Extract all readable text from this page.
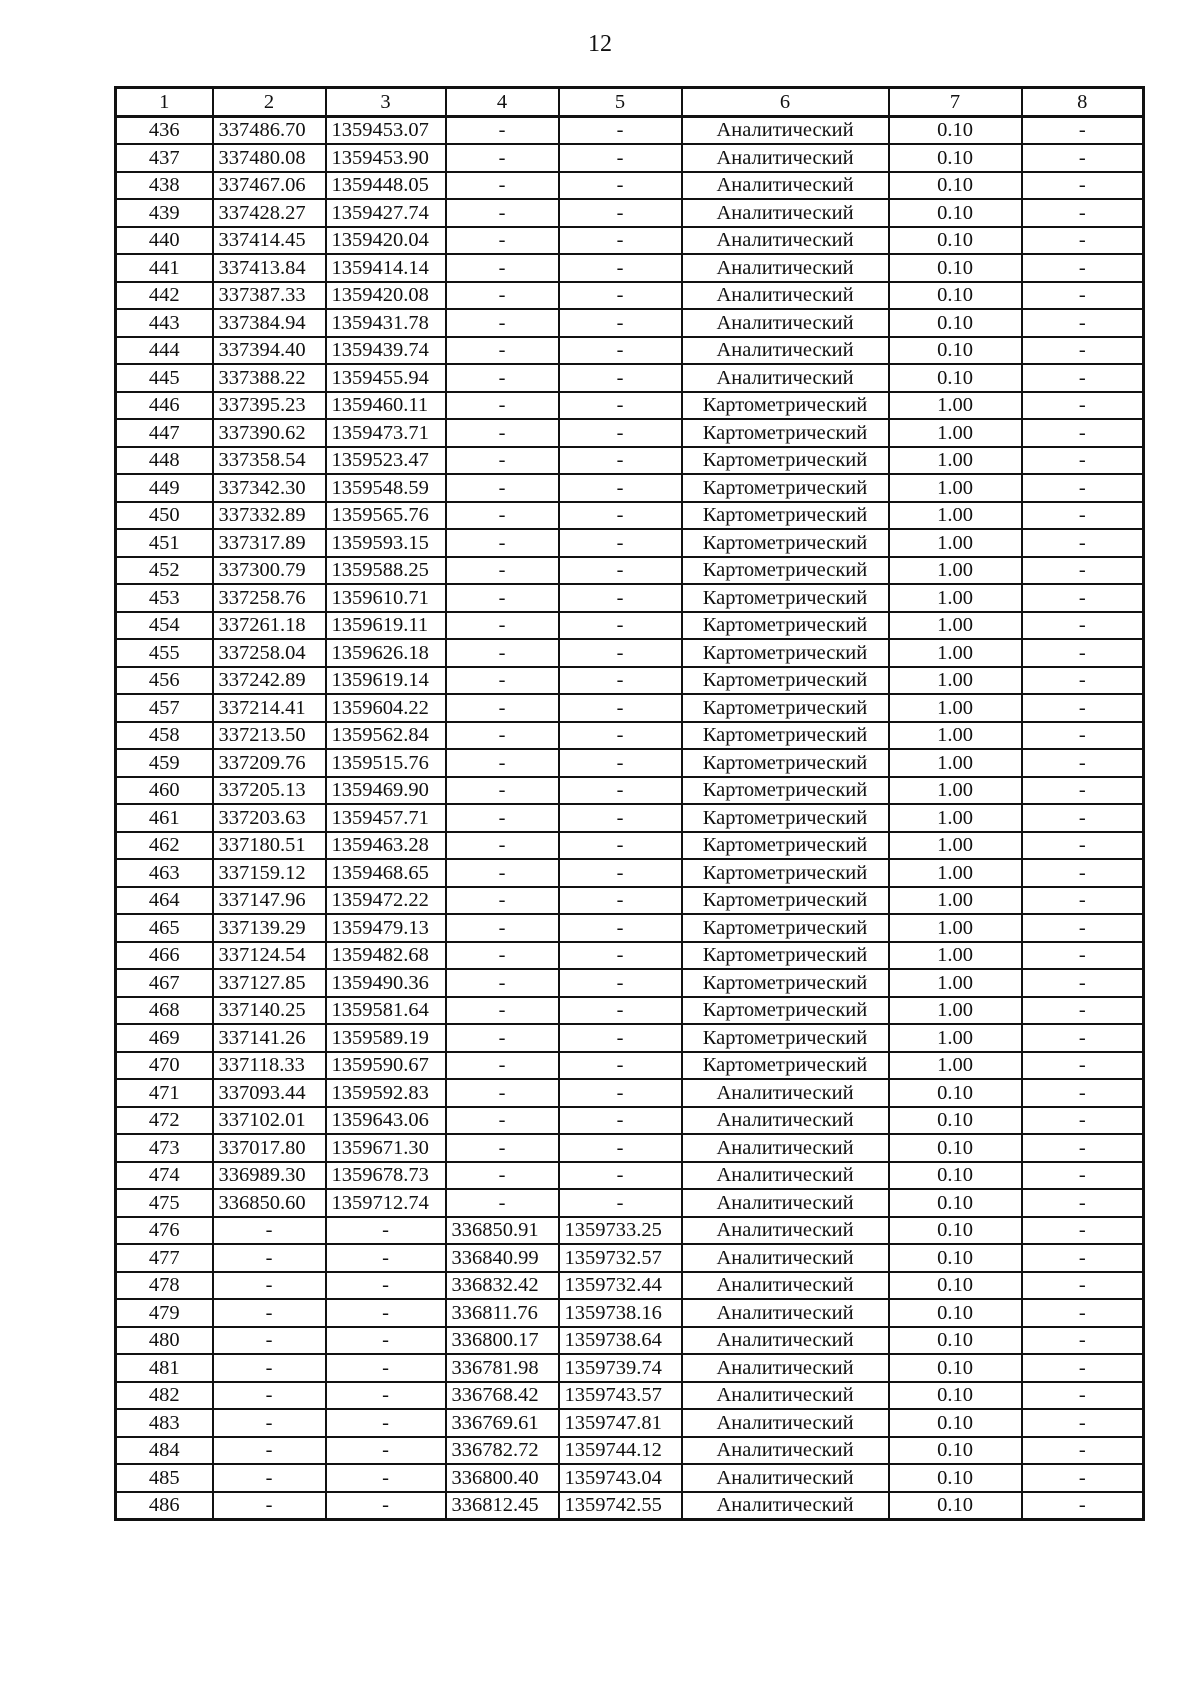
12
1	2	3	4	5	6	7	8
436	337486.70	1359453.07	-	-	Аналитический	0.10	-
437	337480.08	1359453.90	-	-	Аналитический	0.10	-
438	337467.06	1359448.05	-	-	Аналитический	0.10	-
439	337428.27	1359427.74	-	-	Аналитический	0.10	-
440	337414.45	1359420.04	-	-	Аналитический	0.10	-
441	337413.84	1359414.14	-	-	Аналитический	0.10	-
442	337387.33	1359420.08	-	-	Аналитический	0.10	-
443	337384.94	1359431.78	-	-	Аналитический	0.10	-
444	337394.40	1359439.74	-	-	Аналитический	0.10	-
445	337388.22	1359455.94	-	-	Аналитический	0.10	-
446	337395.23	1359460.11	-	-	Картометрический	1.00	-
447	337390.62	1359473.71	-	-	Картометрический	1.00	-
448	337358.54	1359523.47	-	-	Картометрический	1.00	-
449	337342.30	1359548.59	-	-	Картометрический	1.00	-
450	337332.89	1359565.76	-	-	Картометрический	1.00	-
451	337317.89	1359593.15	-	-	Картометрический	1.00	-
452	337300.79	1359588.25	-	-	Картометрический	1.00	-
453	337258.76	1359610.71	-	-	Картометрический	1.00	-
454	337261.18	1359619.11	-	-	Картометрический	1.00	-
455	337258.04	1359626.18	-	-	Картометрический	1.00	-
456	337242.89	1359619.14	-	-	Картометрический	1.00	-
457	337214.41	1359604.22	-	-	Картометрический	1.00	-
458	337213.50	1359562.84	-	-	Картометрический	1.00	-
459	337209.76	1359515.76	-	-	Картометрический	1.00	-
460	337205.13	1359469.90	-	-	Картометрический	1.00	-
461	337203.63	1359457.71	-	-	Картометрический	1.00	-
462	337180.51	1359463.28	-	-	Картометрический	1.00	-
463	337159.12	1359468.65	-	-	Картометрический	1.00	-
464	337147.96	1359472.22	-	-	Картометрический	1.00	-
465	337139.29	1359479.13	-	-	Картометрический	1.00	-
466	337124.54	1359482.68	-	-	Картометрический	1.00	-
467	337127.85	1359490.36	-	-	Картометрический	1.00	-
468	337140.25	1359581.64	-	-	Картометрический	1.00	-
469	337141.26	1359589.19	-	-	Картометрический	1.00	-
470	337118.33	1359590.67	-	-	Картометрический	1.00	-
471	337093.44	1359592.83	-	-	Аналитический	0.10	-
472	337102.01	1359643.06	-	-	Аналитический	0.10	-
473	337017.80	1359671.30	-	-	Аналитический	0.10	-
474	336989.30	1359678.73	-	-	Аналитический	0.10	-
475	336850.60	1359712.74	-	-	Аналитический	0.10	-
476	-	-	336850.91	1359733.25	Аналитический	0.10	-
477	-	-	336840.99	1359732.57	Аналитический	0.10	-
478	-	-	336832.42	1359732.44	Аналитический	0.10	-
479	-	-	336811.76	1359738.16	Аналитический	0.10	-
480	-	-	336800.17	1359738.64	Аналитический	0.10	-
481	-	-	336781.98	1359739.74	Аналитический	0.10	-
482	-	-	336768.42	1359743.57	Аналитический	0.10	-
483	-	-	336769.61	1359747.81	Аналитический	0.10	-
484	-	-	336782.72	1359744.12	Аналитический	0.10	-
485	-	-	336800.40	1359743.04	Аналитический	0.10	-
486	-	-	336812.45	1359742.55	Аналитический	0.10	-
